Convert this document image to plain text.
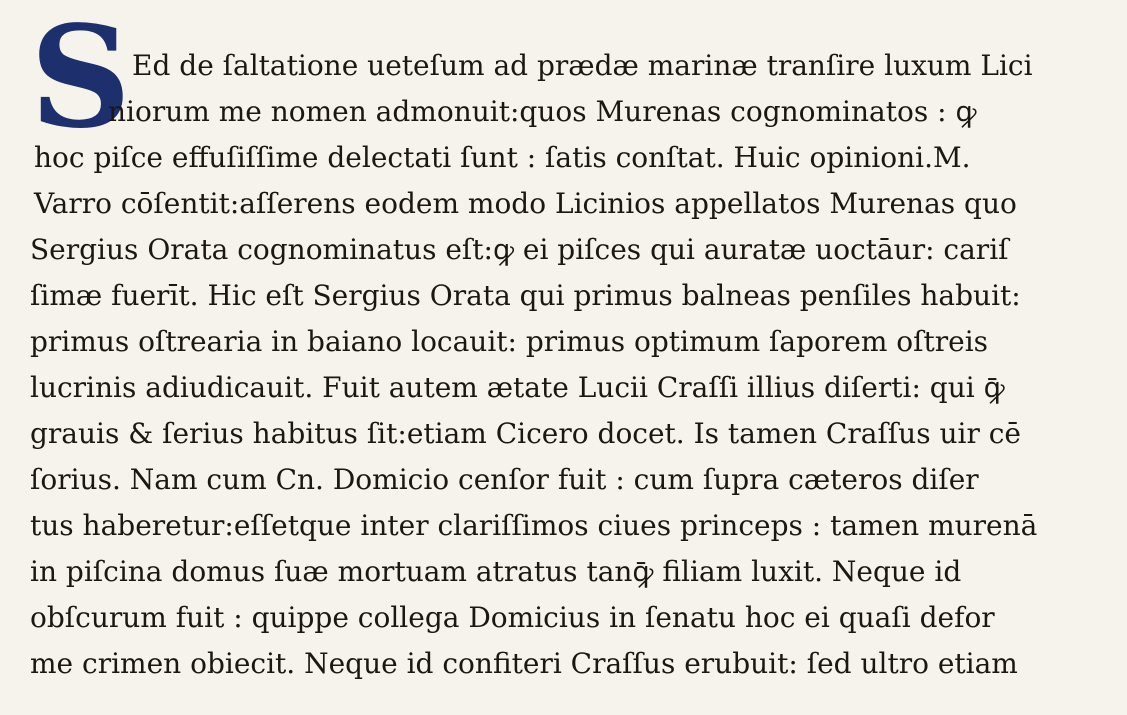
S Ed de ſaltatione ueteſum ad prædæ marinæ tranſire luxum Lici
niorum me nomen admonuit:quos Murenas cognominatos : ꝙ
hoc piſce effuſiſſime delectati ſunt : ſatis conſtat. Huic opinioni.M.
Varro cōſentit:aſſerens eodem modo Licinios appellatos Murenas quo
Sergius Orata cognominatus eſt:ꝙ ei piſces qui auratæ uoctāur: cariſ
ſimæ fuerīt. Hic eſt Sergius Orata qui primus balneas penſiles habuit:
primus oſtrearia in baiano locauit: primus optimum ſaporem oſtreis
lucrinis adiudicauit. Fuit autem ætate Lucii Craſſi illius diſerti: qui ꝙ̄
grauis & ſerius habitus ſit:etiam Cicero docet. Is tamen Craſſus uir cē
ſorius. Nam cum Cn. Domicio cenſor fuit : cum ſupra cæteros diſer
tus haberetur:eſſetque inter clariſſimos ciues princeps : tamen murenā
in piſcina domus ſuæ mortuam atratus tanꝙ̄ filiam luxit. Neque id
obſcurum fuit : quippe collega Domicius in ſenatu hoc ei quaſi defor
me crimen obiecit. Neque id confiteri Craſſus erubuit: ſed ultro etiam
